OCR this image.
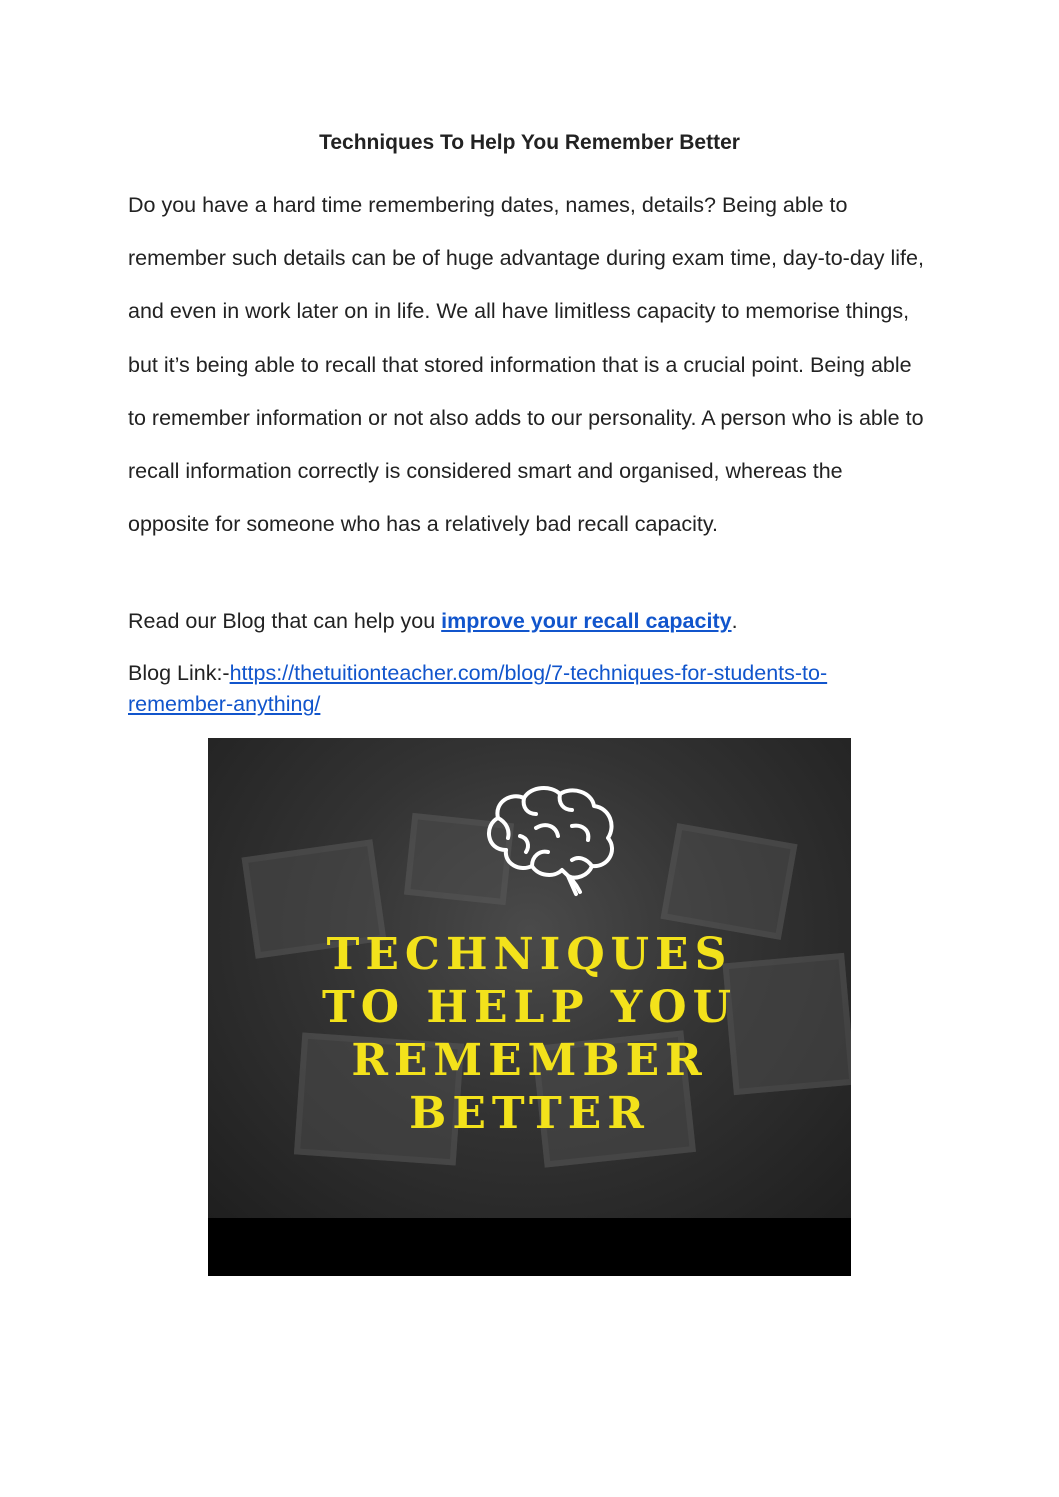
Techniques To Help You Remember Better

Do you have a hard time remembering dates, names, details? Being able to remember such details can be of huge advantage during exam time, day-to-day life, and even in work later on in life. We all have limitless capacity to memorise things, but it’s being able to recall that stored information that is a crucial point. Being able to remember information or not also adds to our personality. A person who is able to recall information correctly is considered smart and organised, whereas the opposite for someone who has a relatively bad recall capacity.

Read our Blog that can help you improve your recall capacity.

Blog Link:-https://thetuitionteacher.com/blog/7-techniques-for-students-to-remember-anything/

TECHNIQUES
TO HELP YOU
REMEMBER
BETTER
